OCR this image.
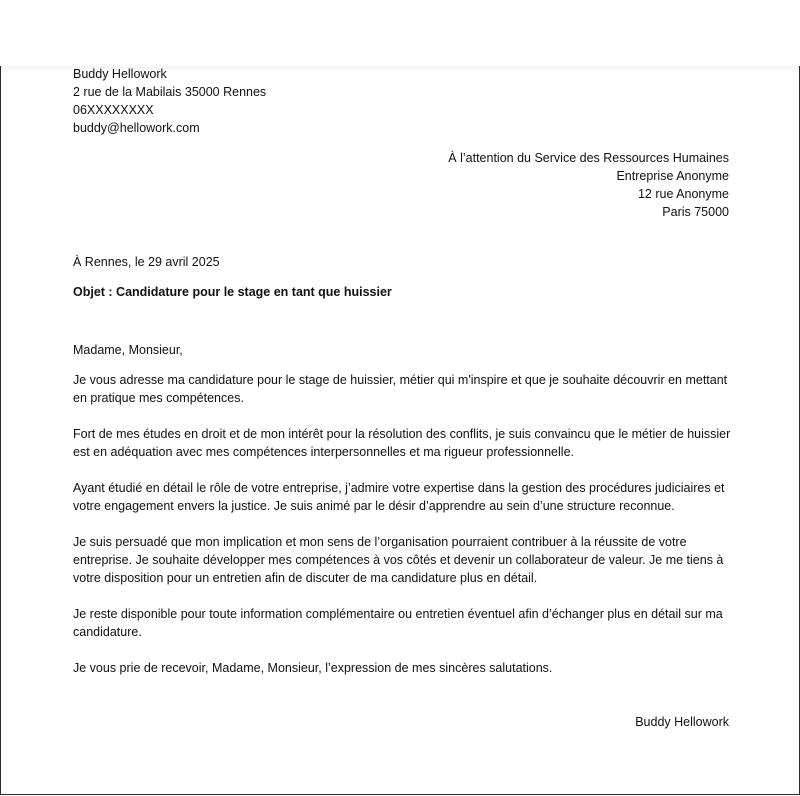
Buddy Hellowork
2 rue de la Mabilais 35000 Rennes
06XXXXXXXX
buddy@hellowork.com
À l’attention du Service des Ressources Humaines
Entreprise Anonyme
12 rue Anonyme
Paris 75000
À Rennes, le 29 avril 2025
Objet : Candidature pour le stage en tant que huissier
Madame, Monsieur,

Je vous adresse ma candidature pour le stage de huissier, métier qui m'inspire et que je souhaite découvrir en mettant en pratique mes compétences.

Fort de mes études en droit et de mon intérêt pour la résolution des conflits, je suis convaincu que le métier de huissier est en adéquation avec mes compétences interpersonnelles et ma rigueur professionnelle.

Ayant étudié en détail le rôle de votre entreprise, j’admire votre expertise dans la gestion des procédures judiciaires et votre engagement envers la justice. Je suis animé par le désir d’apprendre au sein d’une structure reconnue.

Je suis persuadé que mon implication et mon sens de l’organisation pourraient contribuer à la réussite de votre entreprise. Je souhaite développer mes compétences à vos côtés et devenir un collaborateur de valeur. Je me tiens à votre disposition pour un entretien afin de discuter de ma candidature plus en détail.

Je reste disponible pour toute information complémentaire ou entretien éventuel afin d’échanger plus en détail sur ma candidature.

Je vous prie de recevoir, Madame, Monsieur, l’expression de mes sincères salutations.
Buddy Hellowork
